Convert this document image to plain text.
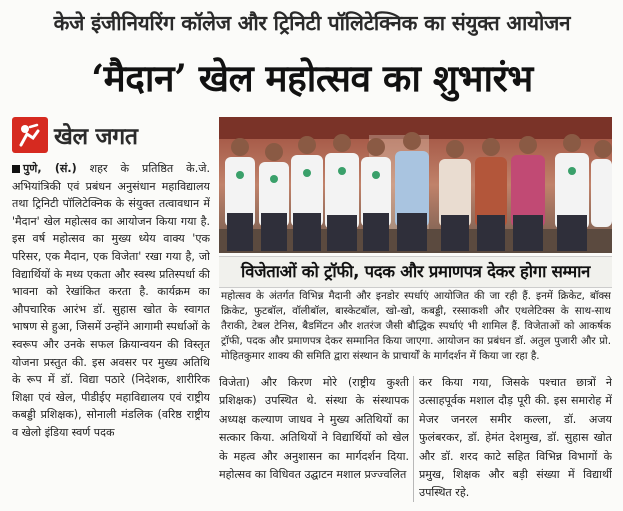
केजे इंजीनियरिंग कॉलेज और ट्रिनिटी पॉलिटेक्निक का संयुक्त आयोजन
‘मैदान’ खेल महोत्सव का शुभारंभ
खेल जगत
पुणे, (सं.) शहर के प्रतिष्ठित के.जे. अभियांत्रिकी एवं प्रबंधन अनुसंधान महाविद्यालय तथा ट्रिनिटी पॉलिटेक्निक के संयुक्त तत्वावधान में 'मैदान' खेल महोत्सव का आयोजन किया गया है. इस वर्ष महोत्सव का मुख्य ध्येय वाक्य 'एक परिसर, एक मैदान, एक विजेता' रखा गया है, जो विद्यार्थियों के मध्य एकता और स्वस्थ प्रतिस्पर्धा की भावना को रेखांकित करता है. कार्यक्रम का औपचारिक आरंभ डॉ. सुहास खोत के स्वागत भाषण से हुआ, जिसमें उन्होंने आगामी स्पर्धाओं के स्वरूप और उनके सफल क्रियान्वयन की विस्तृत योजना प्रस्तुत की. इस अवसर पर मुख्य अतिथि के रूप में डॉ. विद्या पठारे (निदेशक, शारीरिक शिक्षा एवं खेल, पीडीईए महाविद्यालय एवं राष्ट्रीय कबड्डी प्रशिक्षक), सोनाली मंडलिक (वरिष्ठ राष्ट्रीय व खेलो इंडिया स्वर्ण पदक
विजेताओं को ट्रॉफी, पदक और प्रमाणपत्र देकर होगा सम्मान
महोत्सव के अंतर्गत विभिन्न मैदानी और इनडोर स्पर्धाएं आयोजित की जा रही हैं. इनमें क्रिकेट, बॉक्स क्रिकेट, फुटबॉल, वॉलीबॉल, बास्केटबॉल, खो-खो, कबड्डी, रस्साकशी और एथलेटिक्स के साथ-साथ तैराकी, टेबल टेनिस, बैडमिंटन और शतरंज जैसी बौद्धिक स्पर्धाएं भी शामिल हैं. विजेताओं को आकर्षक ट्रॉफी, पदक और प्रमाणपत्र देकर सम्मानित किया जाएगा. आयोजन का प्रबंधन डॉ. अतुल पुजारी और प्रो. मोहितकुमार शाक्य की समिति द्वारा संस्थान के प्राचार्यों के मार्गदर्शन में किया जा रहा है.
विजेता) और किरण मोरे (राष्ट्रीय कुश्ती प्रशिक्षक) उपस्थित थे. संस्था के संस्थापक अध्यक्ष कल्याण जाधव ने मुख्य अतिथियों का सत्कार किया. अतिथियों ने विद्यार्थियों को खेल के महत्व और अनुशासन का मार्गदर्शन दिया. महोत्सव का विधिवत उद्घाटन मशाल प्रज्ज्वलित
कर किया गया, जिसके पश्चात छात्रों ने उत्साहपूर्वक मशाल दौड़ पूरी की. इस समारोह में मेजर जनरल समीर कल्ला, डॉ. अजय फुलंबरकर, डॉ. हेमंत देशमुख, डॉ. सुहास खोत और डॉ. शरद काटे सहित विभिन्न विभागों के प्रमुख, शिक्षक और बड़ी संख्या में विद्यार्थी उपस्थित रहे.
